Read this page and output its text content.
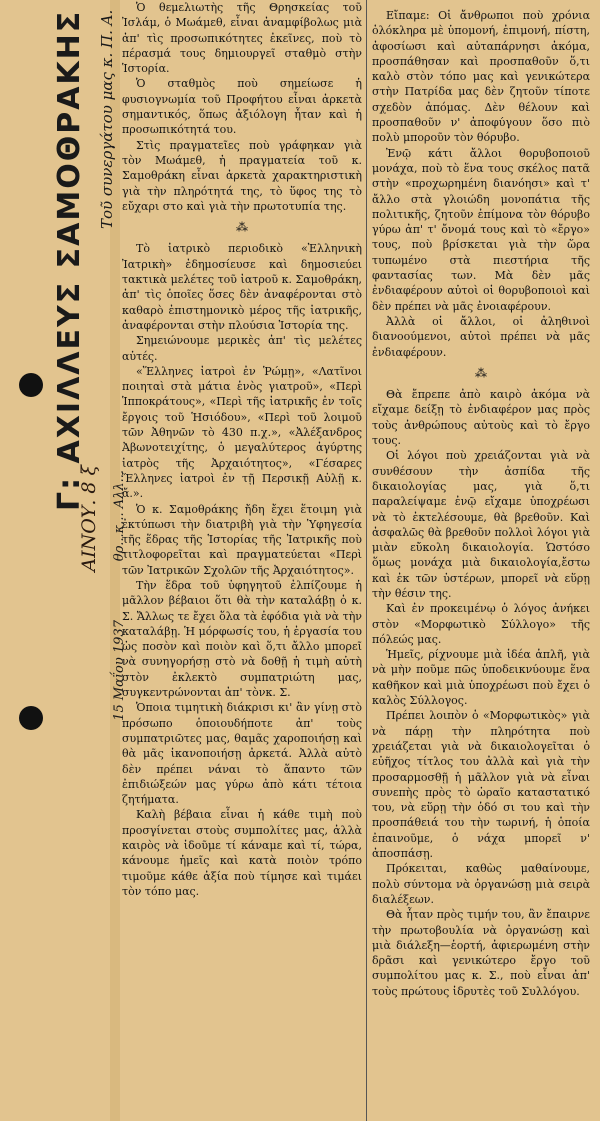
Γ: ΑΧΙΛΛΕΥΣ ΣΑΜΟΘΡΑΚΗΣ Τοῦ συνεργάτου μας κ. Π. Α.
15 Μαΐου 1937
θρ...κ... Αλλ...
ΑΙΝΟΥ. 8 ξ

Ὁ θεμελιωτὴς τῆς Θρησκείας τοῦ Ἰσλάμ, ὁ Μωάμεθ, εἶναι ἀναμφίβολως μιὰ ἀπ' τὶς προσωπικότητες ἐκεῖνες, ποὺ τὸ πέρασμά τους δημιουργεῖ σταθμὸ στὴν Ἱστορία.

Ὁ σταθμὸς ποὺ σημείωσε ἡ φυσιογνωμία τοῦ Προφήτου εἶναι ἀρκετὰ σημαντικός, ὅπως ἀξιόλογη ἦταν καὶ ἡ προσωπικότητά του.

Στὶς πραγματεῖες ποὺ γράφηκαν γιὰ τὸν Μωάμεθ, ἡ πραγματεία τοῦ κ. Σαμοθράκη εἶναι ἀρκετὰ χαρακτηριστικὴ γιὰ τὴν πληρότητά της, τὸ ὕφος της τὸ εὔχαρι στο καὶ γιὰ τὴν πρωτοτυπία της.

⁂

Τὸ ἰατρικὸ περιοδικὸ «Ἑλληνικὴ Ἰατρικὴ» ἐδημοσίευσε καὶ δημοσιεύει τακτικὰ μελέτες τοῦ ἰατροῦ κ. Σαμοθράκη, ἀπ' τὶς ὁποῖες ὅσες δὲν ἀναφέρονται στὸ καθαρὸ ἐπιστημονικὸ μέρος τῆς ἰατρικῆς, ἀναφέρονται στὴν πλούσια Ἱστορία της.

Σημειώνουμε μερικὲς ἀπ' τὶς μελέτες αὐτές.

«Ἕλληνες ἰατροὶ ἐν Ῥώμῃ», «Λατῖνοι ποιηταὶ στὰ μάτια ἑνὸς γιατροῦ», «Περὶ Ἱπποκράτους», «Περὶ τῆς ἰατρικῆς ἐν τοῖς ἔργοις τοῦ Ἡσιόδου», «Περὶ τοῦ λοιμοῦ τῶν Ἀθηνῶν τὸ 430 π.χ.», «Ἀλέξανδρος Ἀβωνοτειχίτης, ὁ μεγαλύτερος ἀγύρτης ἰατρὸς τῆς Ἀρχαιότητος», «Γέσαρες Ἕλληνες ἰατροὶ ἐν τῇ Περσικῇ Αὐλῇ κ. ἄ.».

Ὁ κ. Σαμοθράκης ἤδη ἔχει ἕτοιμη γιὰ ἐκτύπωσι τὴν διατριβὴ γιὰ τὴν Ὑφηγεσία τῆς ἕδρας τῆς Ἱστορίας τῆς Ἰατρικῆς ποὺ τιτλοφορεῖται καὶ πραγματεύεται «Περὶ τῶν Ἰατρικῶν Σχολῶν τῆς Ἀρχαιότητος».

Τὴν ἕδρα τοῦ ὑφηγητοῦ ἐλπίζουμε ἡ μᾶλλον βέβαιοι ὅτι θὰ τὴν καταλάβῃ ὁ κ. Σ. Ἄλλως τε ἔχει ὅλα τὰ ἐφόδια γιὰ νὰ τὴν καταλάβῃ. Ἡ μόρφωσίς του, ἡ ἐργασία του ὡς ποσὸν καὶ ποιὸν καὶ ὅ,τι ἄλλο μπορεῖ νὰ συνηγορήσῃ στὸ νὰ δοθῇ ἡ τιμὴ αὐτὴ στὸν ἐκλεκτὸ συμπατριώτη μας, συγκεντρώνονται ἀπ' τὸνκ. Σ.

Ὁποια τιμητικὴ διάκρισι κι' ἂν γίνῃ στὸ πρόσωπο ὁποιουδήποτε ἀπ' τοὺς συμπατριῶτες μας, θαμᾶς χαροποιήσῃ καὶ θὰ μᾶς ἱκανοποιήσῃ ἀρκετά. Ἀλλὰ αὐτὸ δὲν πρέπει νάναι τὸ ἅπαντο τῶν ἐπιδιώξεών μας γύρω ἀπὸ κάτι τέτοια ζητήματα.

Καλὴ βέβαια εἶναι ἡ κάθε τιμὴ ποὺ προσγίνεται στοὺς συμπολίτες μας, ἀλλὰ καιρὸς νὰ ἰδοῦμε τί κάναμε καὶ τί, τώρα, κάνουμε ἡμεῖς καὶ κατὰ ποιὸν τρόπο τιμοῦμε κάθε ἀξία ποὺ τίμησε καὶ τιμάει τὸν τόπο μας.

Εἴπαμε: Οἱ ἄνθρωποι ποὺ χρόνια ὁλόκληρα μὲ ὑπομονή, ἐπιμονή, πίστη, ἀφοσίωσι καὶ αὐταπάρνησι ἀκόμα, προσπάθησαν καὶ προσπαθοῦν ὅ,τι καλὸ στὸν τόπο μας καὶ γενικώτερα στὴν Πατρίδα μας δὲν ζητοῦν τίποτε σχεδὸν ἀπόμας. Δὲν θέλουν καὶ προσπαθοῦν ν' ἀποφύγουν ὅσο πιὸ πολὺ μποροῦν τὸν θόρυβο.

Ἐνῷ κάτι ἄλλοι θορυβοποιοῦ μονάχα, ποὺ τὸ ἕνα τους σκέλος πατᾶ στὴν «προχωρημένη διανόησι» καὶ τ' ἄλλο στὰ γλοιώδη μονοπάτια τῆς πολιτικῆς, ζητοῦν ἐπίμονα τὸν θόρυβο γύρω ἀπ' τ' ὄνομά τους καὶ τὸ «ἔργο» τους, ποὺ βρίσκεται γιὰ τὴν ὥρα τυπωμένο στὰ πιεστήρια τῆς φαντασίας των. Μὰ δὲν μᾶς ἐνδιαφέρουν αὐτοὶ οἱ θορυβοποιοὶ καὶ δὲν πρέπει νὰ μᾶς ἐνοιαφέρουν.

Ἀλλὰ οἱ ἄλλοι, οἱ ἀληθινοὶ διανοούμενοι, αὐτοὶ πρέπει νὰ μᾶς ἐνδιαφέρουν.

⁂

Θὰ ἔπρεπε ἀπὸ καιρὸ ἀκόμα νὰ εἴχαμε δείξῃ τὸ ἐνδιαφέρον μας πρὸς τοὺς ἀνθρώπους αὐτοὺς καὶ τὸ ἔργο τους.

Οἱ λόγοι ποὺ χρειάζονται γιὰ νὰ συνθέσουν τὴν ἀσπίδα τῆς δικαιολογίας μας, γιὰ ὅ,τι παραλείψαμε ἐνῷ εἴχαμε ὑποχρέωσι νὰ τὸ ἐκτελέσουμε, θὰ βρεθοῦν. Καὶ ἀσφαλῶς θὰ βρεθοῦν πολλοὶ λόγοι γιὰ μιὰν εὔκολη δικαιολογία. Ὡστόσο ὅμως μονάχα μιὰ δικαιολογία,ἔστω καὶ ἐκ τῶν ὑστέρων, μπορεῖ νὰ εὕρῃ τὴν θέσιν της.

Καὶ ἐν προκειμένῳ ὁ λόγος ἀνήκει στὸν «Μορφωτικὸ Σύλλογο» τῆς πόλεώς μας.

Ἡμεῖς, ρίχνουμε μιὰ ἰδέα ἁπλῆ, γιὰ νὰ μὴν ποῦμε πῶς ὑποδεικνύουμε ἕνα καθῆκον καὶ μιὰ ὑποχρέωσι ποὺ ἔχει ὁ καλὸς Σύλλογος.

Πρέπει λοιπὸν ὁ «Μορφωτικὸς» γιὰ νὰ πάρῃ τὴν πληρότητα ποὺ χρειάζεται γιὰ νὰ δικαιολογεῖται ὁ εὐῆχος τίτλος του ἀλλὰ καὶ γιὰ τὴν προσαρμοσθῇ ἡ μᾶλλον γιὰ νὰ εἶναι συνεπὴς πρὸς τὸ ὡραῖο καταστατικό του, νὰ εὕρῃ τὴν ὁδό σι του καὶ τὴν προσπάθειά του τὴν τωρινή, ἡ ὁποία ἐπαινοῦμε, ὁ νάχα μπορεῖ ν' ἀποσπάσῃ.

Πρόκειται, καθὼς μαθαίνουμε, πολὺ σύντομα νὰ ὀργανώσῃ μιὰ σειρὰ διαλέξεων.

Θὰ ἦταν πρὸς τιμήν του, ἂν ἔπαιρνε τὴν πρωτοβουλία νὰ ὀργανώσῃ καὶ μιὰ διάλεξη—ἑορτή, ἀφιερωμένη στὴν δρᾶσι καὶ γενικώτερο ἔργο τοῦ συμπολίτου μας κ. Σ., ποὺ εἶναι ἀπ' τοὺς πρώτους ἱδρυτὲς τοῦ Συλλόγου.
